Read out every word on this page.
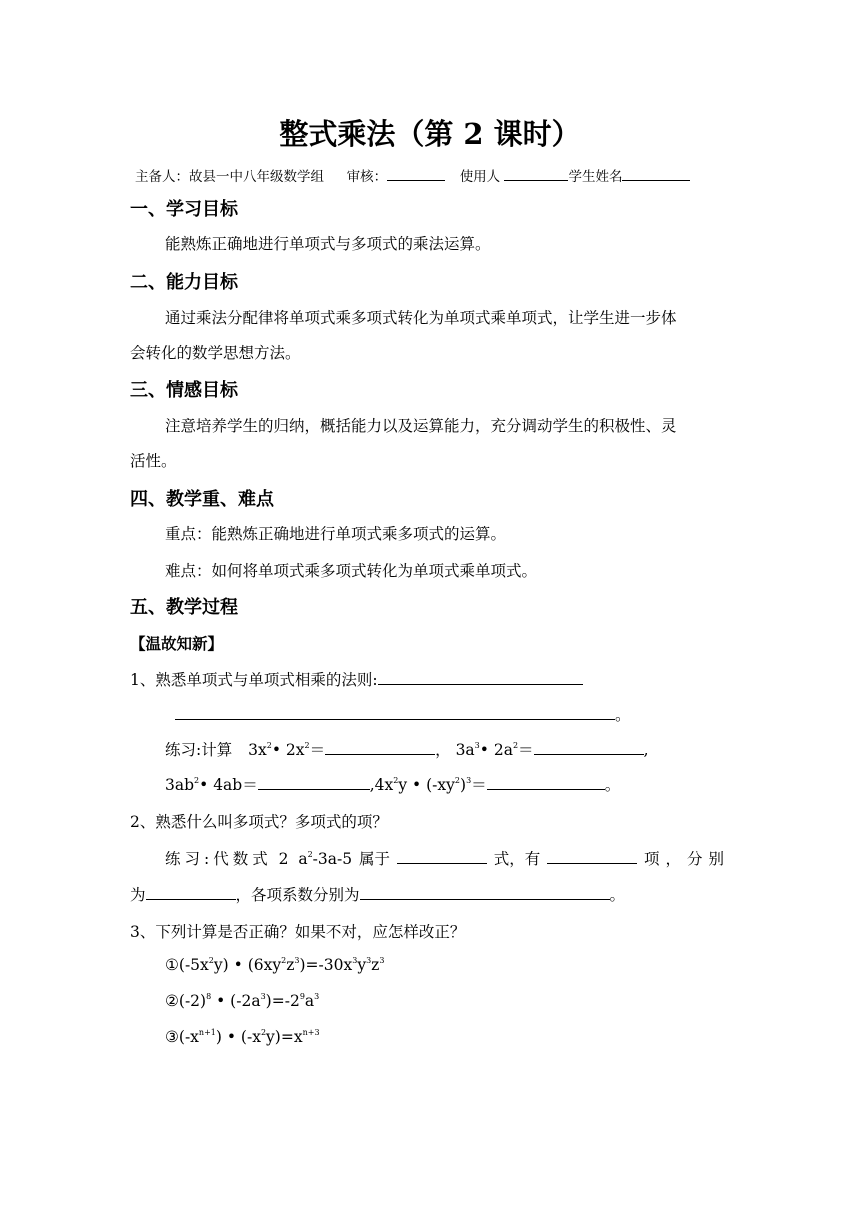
整式乘法（第 2 课时）
主备人：故县一中八年级数学组 审核：	使用人	学生姓名
一、学习目标
能熟炼正确地进行单项式与多项式的乘法运算。
二、能力目标
通过乘法分配律将单项式乘多项式转化为单项式乘单项式，让学生进一步体
会转化的数学思想方法。
三、情感目标
注意培养学生的归纳，概括能力以及运算能力，充分调动学生的积极性、灵
活性。
四、教学重、难点
重点：能熟炼正确地进行单项式乘多项式的运算。
难点：如何将单项式乘多项式转化为单项式乘单项式。
五、教学过程
【温故知新】
1、熟悉单项式与单项式相乘的法则:
。
练习:计算 $3x^2•$ $2x^2=$	， $3a^3•$ $2a^2=$	,
$3ab^2•$ 4ab＝	$,4x^2y$ • $(-xy^2)^3=$	。
2、熟悉什么叫多项式？多项式的项？
练习:代数式 2 $a^2-3a-5$ 属于	式，有	项，分别
为	，各项系数分别为	。
3、下列计算是否正确？如果不对，应怎样改正？
$①(-5x^2y)$ • $(6xy^2z^3)=-30x^3y^3z^3$
$②(-2)^8$ • $(-2a^3)=-2^9a^3$
$③(-x^{n+1})$ • $(-x^2y)=x^{n+3}$
